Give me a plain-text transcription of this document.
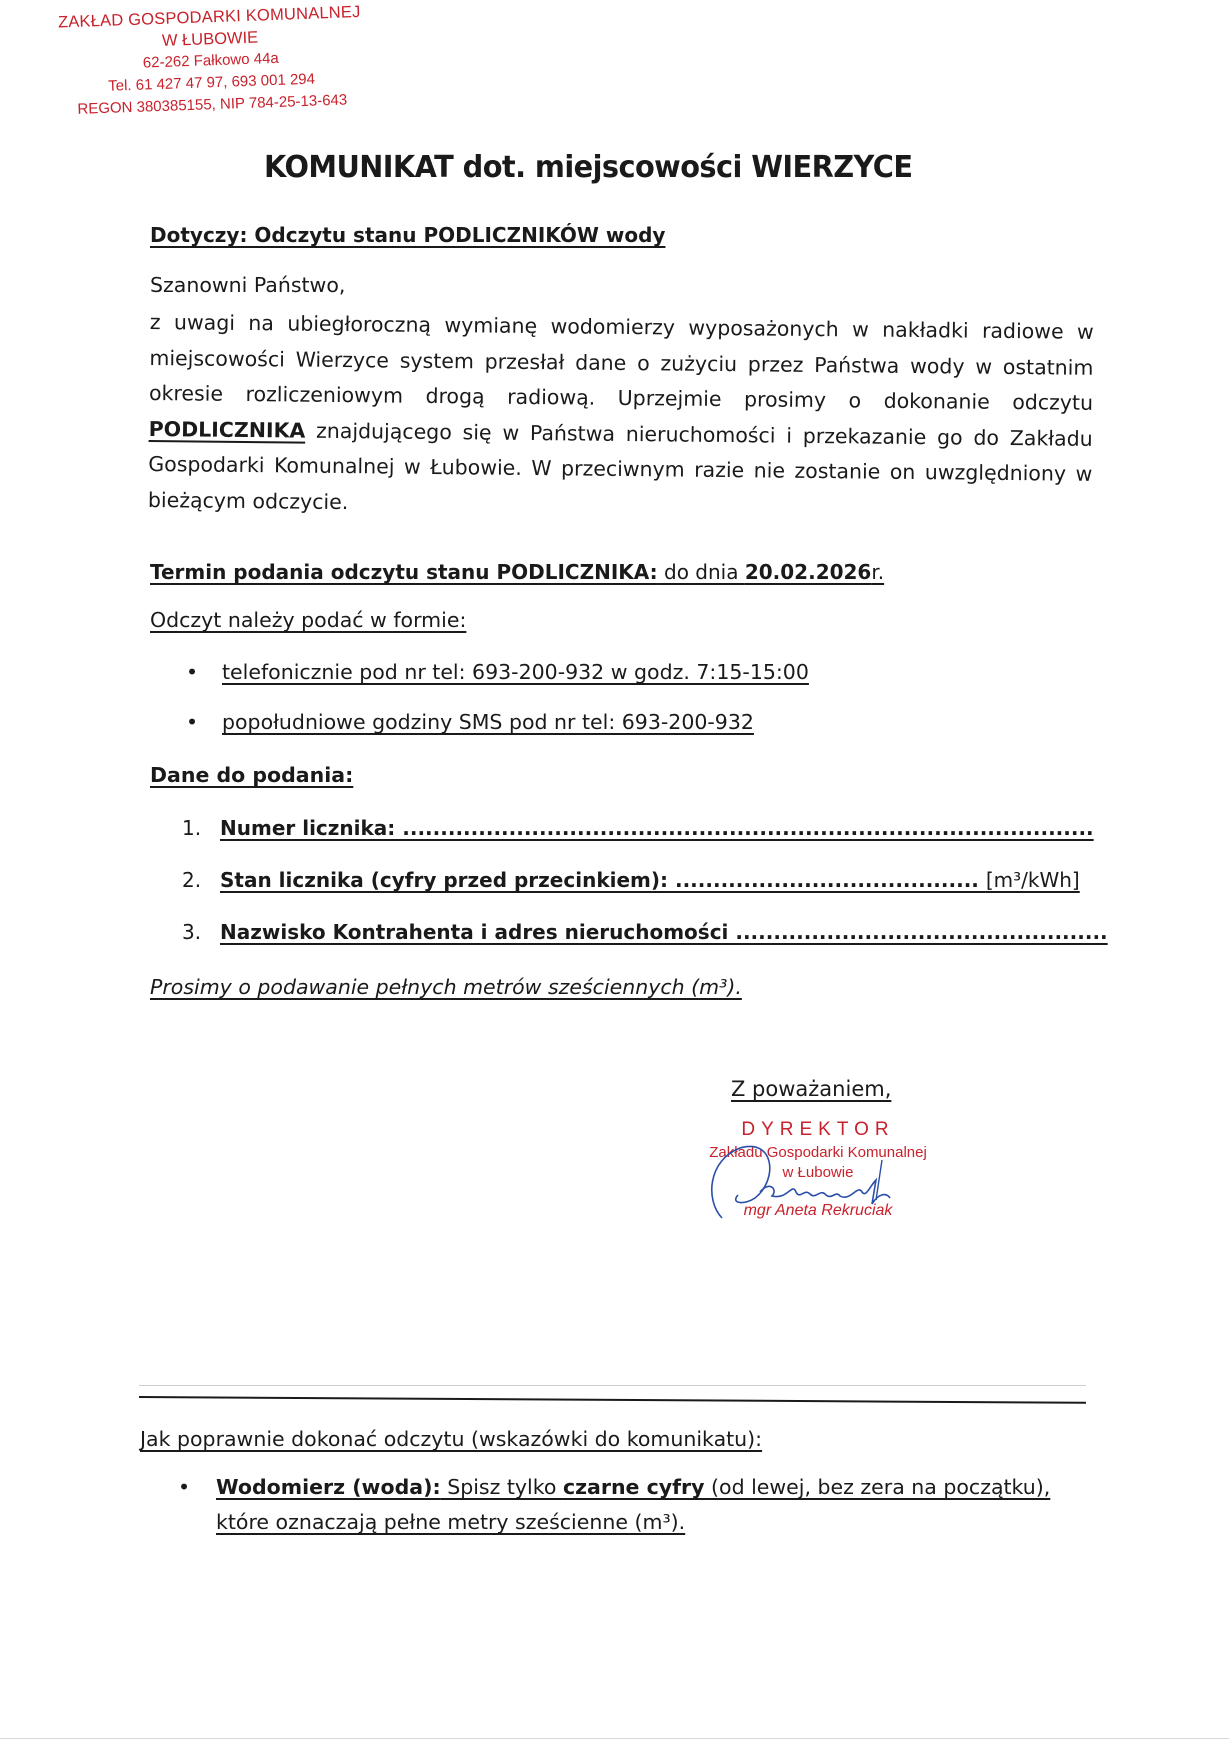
ZAKŁAD GOSPODARKI KOMUNALNEJ
W ŁUBOWIE
62-262 Fałkowo 44a
Tel. 61 427 47 97, 693 001 294
REGON 380385155, NIP 784-25-13-643
KOMUNIKAT dot. miejscowości WIERZYCE
Dotyczy: Odczytu stanu PODLICZNIKÓW wody
Szanowni Państwo,
z uwagi na ubiegłoroczną wymianę wodomierzy wyposażonych w nakładki radiowe w miejscowości Wierzyce system przesłał dane o zużyciu przez Państwa wody w ostatnim okresie rozliczeniowym drogą radiową. Uprzejmie prosimy o dokonanie odczytu PODLICZNIKA znajdującego się w Państwa nieruchomości i przekazanie go do Zakładu Gospodarki Komunalnej w Łubowie. W przeciwnym razie nie zostanie on uwzględniony w bieżącym odczycie.
Termin podania odczytu stanu PODLICZNIKA: do dnia 20.02.2026r.
Odczyt należy podać w formie:
• telefonicznie pod nr tel: 693-200-932 w godz. 7:15-15:00
• popołudniowe godziny SMS pod nr tel: 693-200-932
Dane do podania:
1. Numer licznika: ...........................................................................................
2. Stan licznika (cyfry przed przecinkiem): ........................................ [m³/kWh]
3. Nazwisko Kontrahenta i adres nieruchomości .................................................
Prosimy o podawanie pełnych metrów sześciennych (m³).
Z poważaniem,
DYREKTOR
Zakładu Gospodarki Komunalnej
w Łubowie
mgr Aneta Rekruciak
Jak poprawnie dokonać odczytu (wskazówki do komunikatu):
• Wodomierz (woda): Spisz tylko czarne cyfry (od lewej, bez zera na początku), które oznaczają pełne metry sześcienne (m³).
